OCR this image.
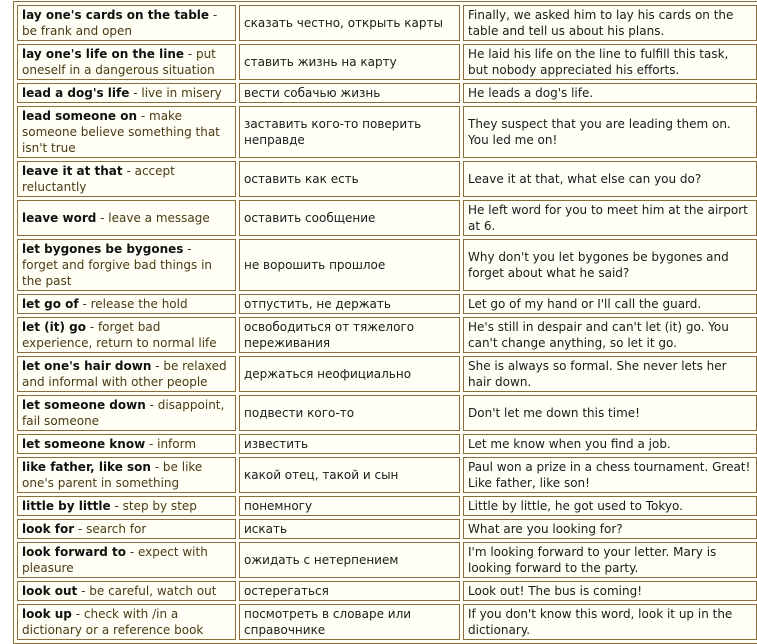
lay one's cards on the table - be frank and open	сказать честно, открыть карты	Finally, we asked him to lay his cards on the table and tell us about his plans.
lay one's life on the line - put oneself in a dangerous situation	ставить жизнь на карту	He laid his life on the line to fulfill this task, but nobody appreciated his efforts.
lead a dog's life - live in misery	вести собачью жизнь	He leads a dog's life.
lead someone on - make someone believe something that isn't true	заставить кого-то поверить неправде	They suspect that you are leading them on. You led me on!
leave it at that - accept reluctantly	оставить как есть	Leave it at that, what else can you do?
leave word - leave a message	оставить сообщение	He left word for you to meet him at the airport at 6.
let bygones be bygones - forget and forgive bad things in the past	не ворошить прошлое	Why don't you let bygones be bygones and forget about what he said?
let go of - release the hold	отпустить, не держать	Let go of my hand or I'll call the guard.
let (it) go - forget bad experience, return to normal life	освободиться от тяжелого переживания	He's still in despair and can't let (it) go. You can't change anything, so let it go.
let one's hair down - be relaxed and informal with other people	держаться неофициально	She is always so formal. She never lets her hair down.
let someone down - disappoint, fail someone	подвести кого-то	Don't let me down this time!
let someone know - inform	известить	Let me know when you find a job.
like father, like son - be like one's parent in something	какой отец, такой и сын	Paul won a prize in a chess tournament. Great! Like father, like son!
little by little - step by step	понемногу	Little by little, he got used to Tokyo.
look for - search for	искать	What are you looking for?
look forward to - expect with pleasure	ожидать с нетерпением	I'm looking forward to your letter. Mary is looking forward to the party.
look out - be careful, watch out	остерегаться	Look out! The bus is coming!
look up - check with /in a dictionary or a reference book	посмотреть в словаре или справочнике	If you don't know this word, look it up in the dictionary.
